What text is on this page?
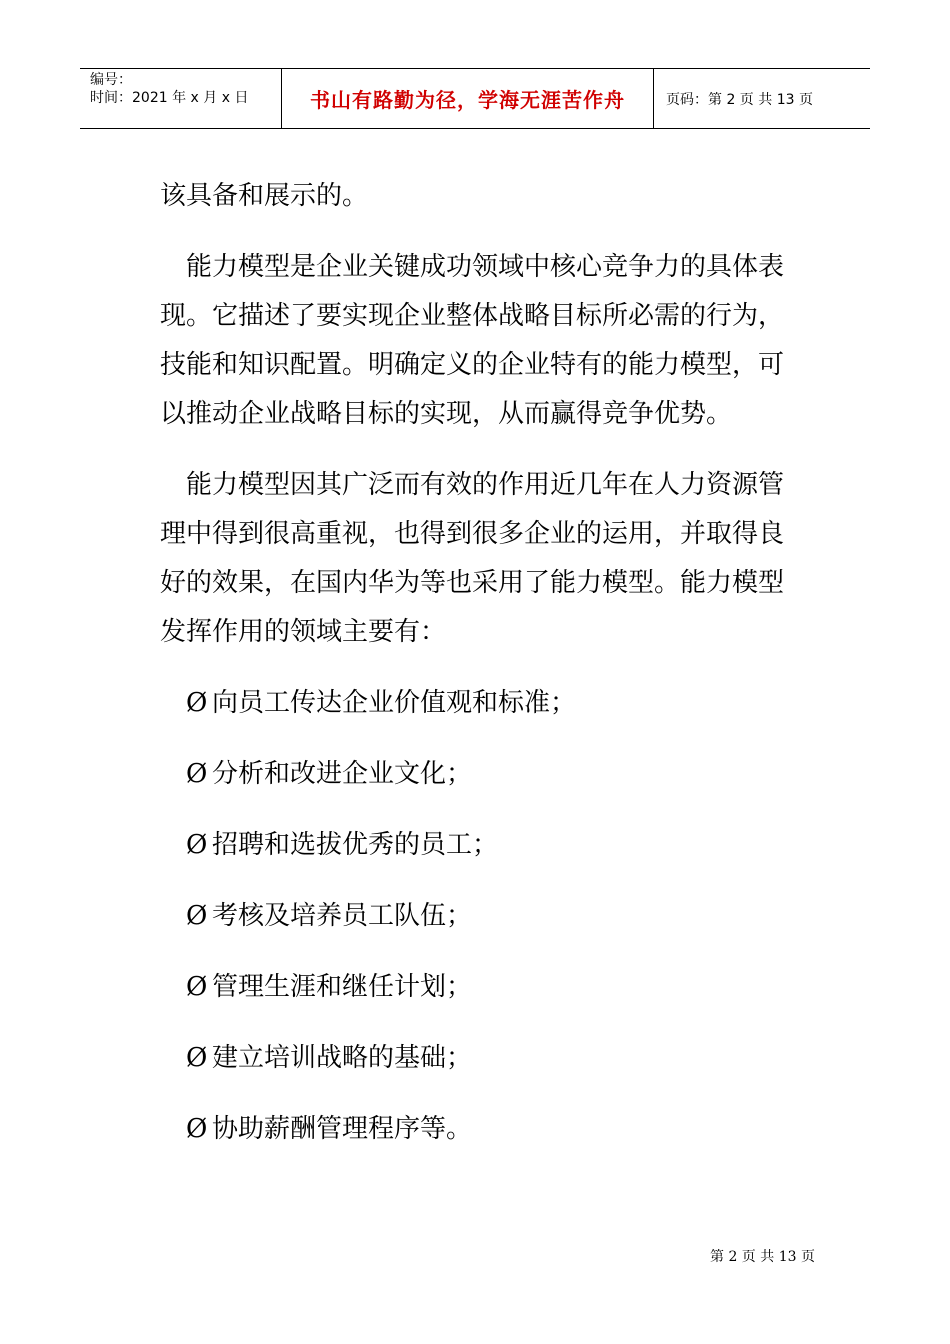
编号：
时间：2021 年 x 月 x 日	书山有路勤为径，学海无涯苦作舟	页码：第 2 页 共 13 页

该具备和展示的。

能力模型是企业关键成功领域中核心竞争力的具体表现。它描述了要实现企业整体战略目标所必需的行为，技能和知识配置。明确定义的企业特有的能力模型，可以推动企业战略目标的实现，从而赢得竞争优势。

能力模型因其广泛而有效的作用近几年在人力资源管理中得到很高重视，也得到很多企业的运用，并取得良好的效果，在国内华为等也采用了能力模型。能力模型发挥作用的领域主要有：

Ø 向员工传达企业价值观和标准；
Ø 分析和改进企业文化；
Ø 招聘和选拔优秀的员工；
Ø 考核及培养员工队伍；
Ø 管理生涯和继任计划；
Ø 建立培训战略的基础；
Ø 协助薪酬管理程序等。
第 2 页 共 13 页
